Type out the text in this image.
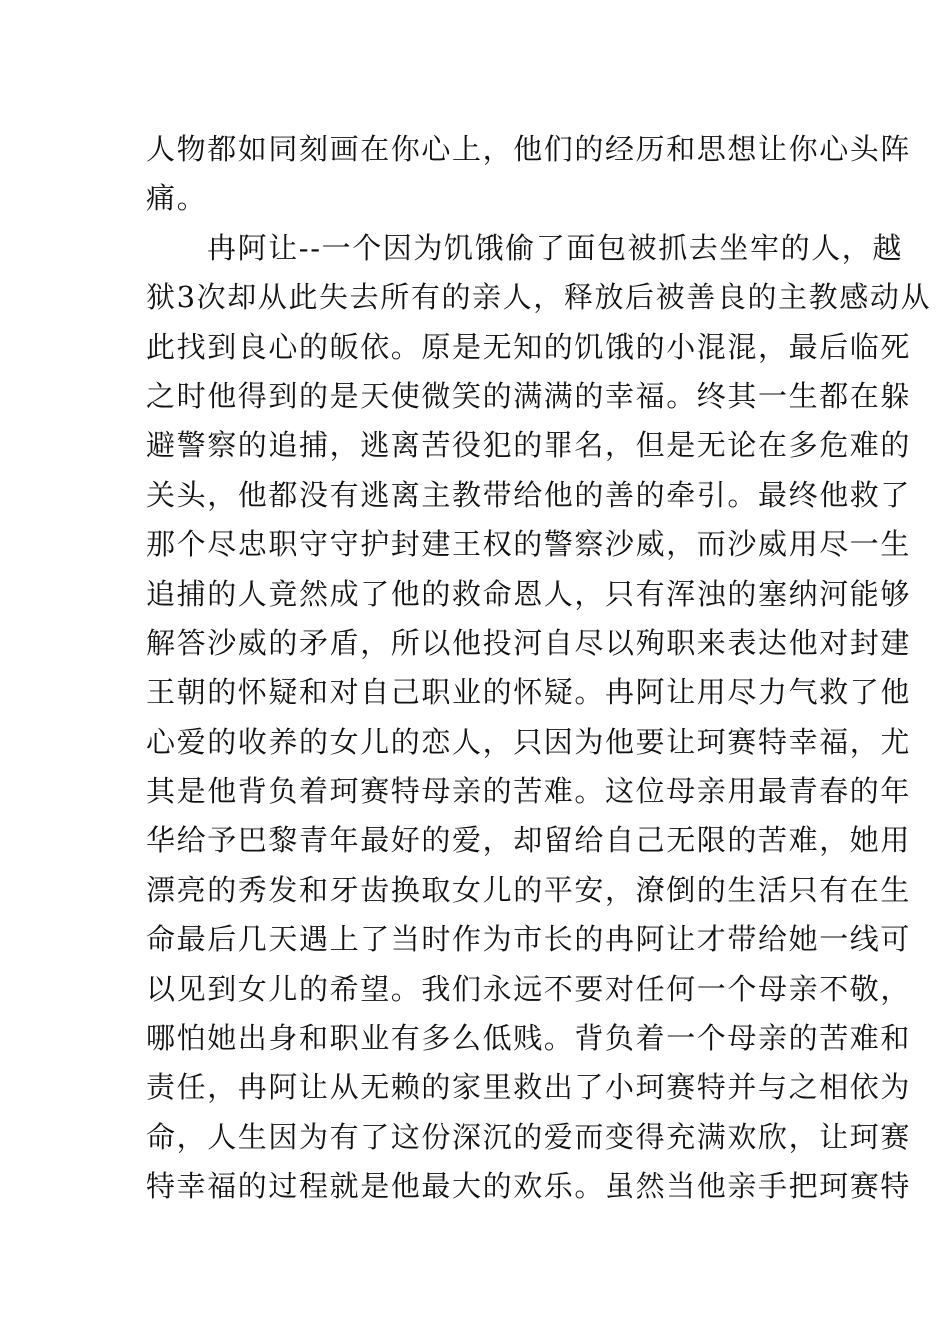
人物都如同刻画在你心上，他们的经历和思想让你心头阵
痛。
冉阿让--一个因为饥饿偷了面包被抓去坐牢的人，越
狱3次却从此失去所有的亲人，释放后被善良的主教感动从
此找到良心的皈依。原是无知的饥饿的小混混，最后临死
之时他得到的是天使微笑的满满的幸福。终其一生都在躲
避警察的追捕，逃离苦役犯的罪名，但是无论在多危难的
关头，他都没有逃离主教带给他的善的牵引。最终他救了
那个尽忠职守守护封建王权的警察沙威，而沙威用尽一生
追捕的人竟然成了他的救命恩人，只有浑浊的塞纳河能够
解答沙威的矛盾，所以他投河自尽以殉职来表达他对封建
王朝的怀疑和对自己职业的怀疑。冉阿让用尽力气救了他
心爱的收养的女儿的恋人，只因为他要让珂赛特幸福，尤
其是他背负着珂赛特母亲的苦难。这位母亲用最青春的年
华给予巴黎青年最好的爱，却留给自己无限的苦难，她用
漂亮的秀发和牙齿换取女儿的平安，潦倒的生活只有在生
命最后几天遇上了当时作为市长的冉阿让才带给她一线可
以见到女儿的希望。我们永远不要对任何一个母亲不敬，
哪怕她出身和职业有多么低贱。背负着一个母亲的苦难和
责任，冉阿让从无赖的家里救出了小珂赛特并与之相依为
命，人生因为有了这份深沉的爱而变得充满欢欣，让珂赛
特幸福的过程就是他最大的欢乐。虽然当他亲手把珂赛特
